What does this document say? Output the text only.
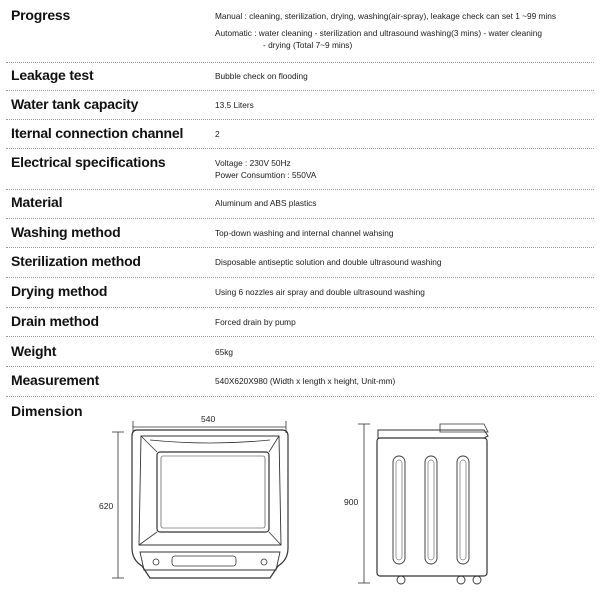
Progress	Manual : cleaning, sterilization, drying, washing(air-spray), leakage check can set 1 ~99 mins
Automatic : water cleaning - sterilization and ultrasound washing(3 mins) - water cleaning
- drying (Total 7~9 mins)
Leakage test	Bubble check on flooding
Water tank capacity	13.5 Liters
Iternal connection channel	2
Electrical specifications	Voltage : 230V 50Hz
Power Consumtion : 550VA
Material	Aluminum and ABS plastics
Washing method	Top-down washing and internal channel wahsing
Sterilization method	Disposable antiseptic solution and double ultrasound washing
Drying method	Using 6 nozzles air spray and double ultrasound washing
Drain method	Forced drain by pump
Weight	65kg
Measurement	540X620X980 (Width x length x height, Unit-mm)
Dimension	540
620	900
